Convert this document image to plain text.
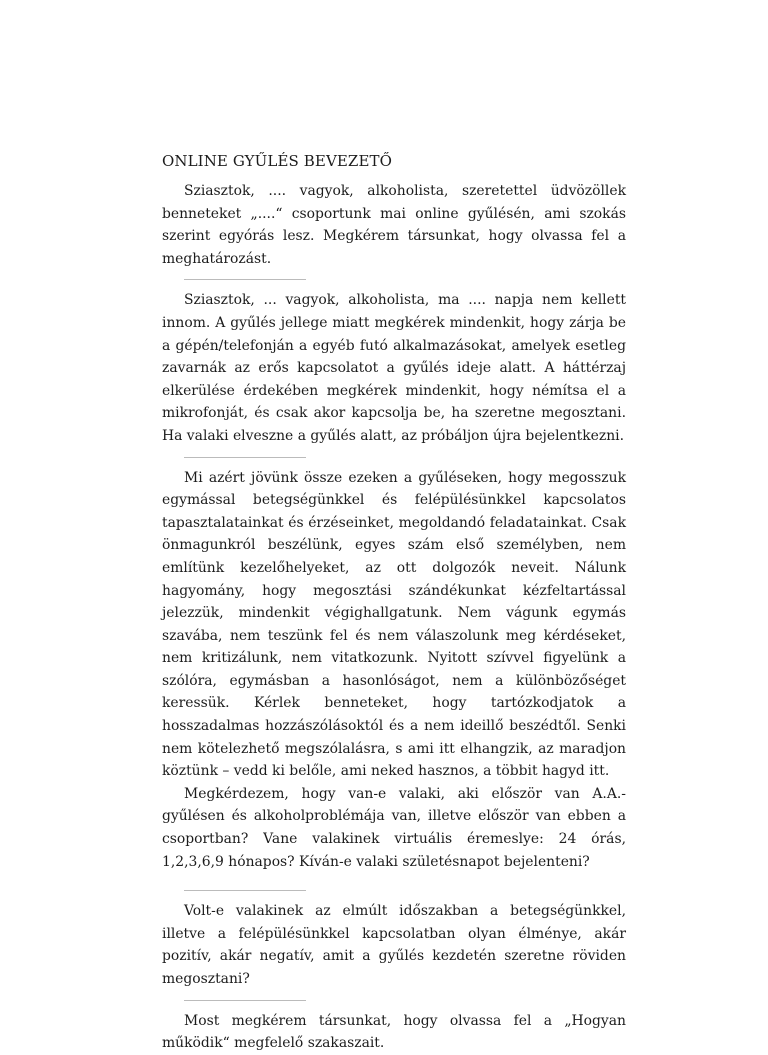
ONLINE GYŰLÉS BEVEZETŐ

Sziasztok, .... vagyok, alkoholista, szeretettel üdvözöllek benneteket „....“ csoportunk mai online gyűlésén, ami szokás szerint egyórás lesz. Megkérem társunkat, hogy olvassa fel a meghatározást.

Sziasztok, ... vagyok, alkoholista, ma .... napja nem kellett innom. A gyűlés jellege miatt megkérek mindenkit, hogy zárja be a gépén/telefonján a egyéb futó alkalmazásokat, amelyek esetleg zavarnák az erős kapcsolatot a gyűlés ideje alatt. A háttérzaj elkerülése érdekében megkérek mindenkit, hogy némítsa el a mikrofonját, és csak akor kapcsolja be, ha szeretne megosztani. Ha valaki elveszne a gyűlés alatt, az próbáljon újra bejelentkezni.

Mi azért jövünk össze ezeken a gyűléseken, hogy megosszuk egymással betegségünkkel és felépülésünkkel kapcsolatos tapasztalatainkat és érzéseinket, megoldandó feladatainkat. Csak önmagunkról beszélünk, egyes szám első személyben, nem említünk kezelőhelyeket, az ott dolgozók neveit. Nálunk hagyomány, hogy megosztási szándékunkat kézfeltartással jelezzük, mindenkit végighallgatunk. Nem vágunk egymás szavába, nem teszünk fel és nem válaszolunk meg kérdéseket, nem kritizálunk, nem vitatkozunk. Nyitott szívvel figyelünk a szólóra, egymásban a hasonlóságot, nem a különbözőséget keressük. Kérlek benneteket, hogy tartózkodjatok a hosszadalmas hozzászólásoktól és a nem ideillő beszédtől. Senki nem kötelezhető megszólalásra, s ami itt elhangzik, az maradjon köztünk – vedd ki belőle, ami neked hasznos, a többit hagyd itt.

Megkérdezem, hogy van-e valaki, aki először van A.A.-gyűlésen és alkoholproblémája van, illetve először van ebben a csoportban? Vane valakinek virtuális éremeslye: 24 órás, 1,2,3,6,9 hónapos? Kíván-e valaki születésnapot bejelenteni?

Volt-e valakinek az elmúlt időszakban a betegségünkkel, illetve a felépülésünkkel kapcsolatban olyan élménye, akár pozitív, akár negatív, amit a gyűlés kezdetén szeretne röviden megosztani?

Most megkérem társunkat, hogy olvassa fel a „Hogyan működik“ megfelelő szakaszait.
